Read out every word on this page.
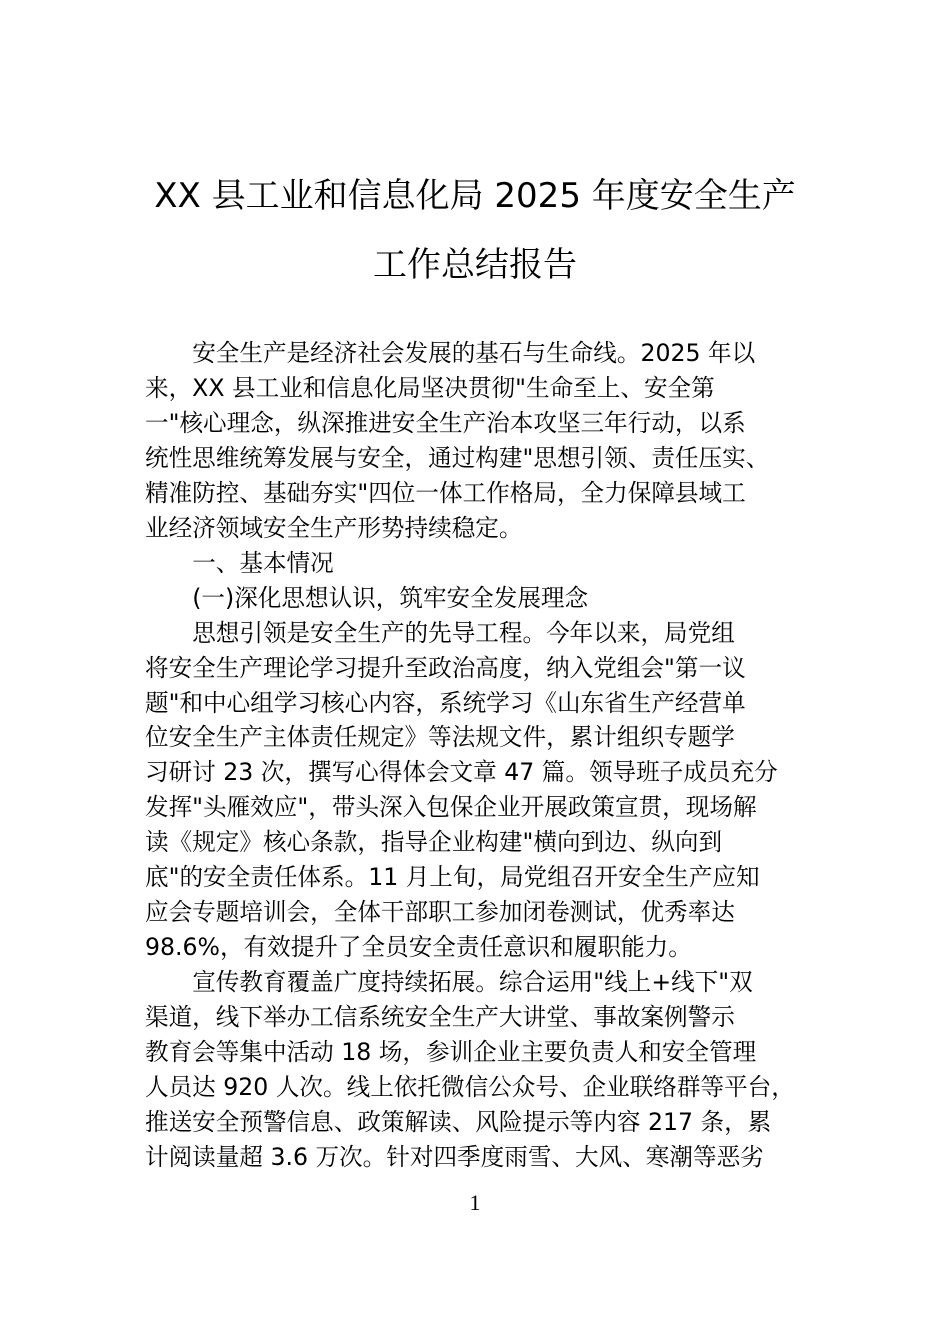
XX 县工业和信息化局 2025 年度安全生产
工作总结报告
安全生产是经济社会发展的基石与生命线。2025 年以
来，XX 县工业和信息化局坚决贯彻"生命至上、安全第
一"核心理念，纵深推进安全生产治本攻坚三年行动，以系
统性思维统筹发展与安全，通过构建"思想引领、责任压实、
精准防控、基础夯实"四位一体工作格局，全力保障县域工
业经济领域安全生产形势持续稳定。
一、基本情况
(一)深化思想认识，筑牢安全发展理念
思想引领是安全生产的先导工程。今年以来，局党组
将安全生产理论学习提升至政治高度，纳入党组会"第一议
题"和中心组学习核心内容，系统学习《山东省生产经营单
位安全生产主体责任规定》等法规文件，累计组织专题学
习研讨 23 次，撰写心得体会文章 47 篇。领导班子成员充分
发挥"头雁效应"，带头深入包保企业开展政策宣贯，现场解
读《规定》核心条款，指导企业构建"横向到边、纵向到
底"的安全责任体系。11 月上旬，局党组召开安全生产应知
应会专题培训会，全体干部职工参加闭卷测试，优秀率达
98.6%，有效提升了全员安全责任意识和履职能力。
宣传教育覆盖广度持续拓展。综合运用"线上+线下"双
渠道，线下举办工信系统安全生产大讲堂、事故案例警示
教育会等集中活动 18 场，参训企业主要负责人和安全管理
人员达 920 人次。线上依托微信公众号、企业联络群等平台，
推送安全预警信息、政策解读、风险提示等内容 217 条，累
计阅读量超 3.6 万次。针对四季度雨雪、大风、寒潮等恶劣
1
